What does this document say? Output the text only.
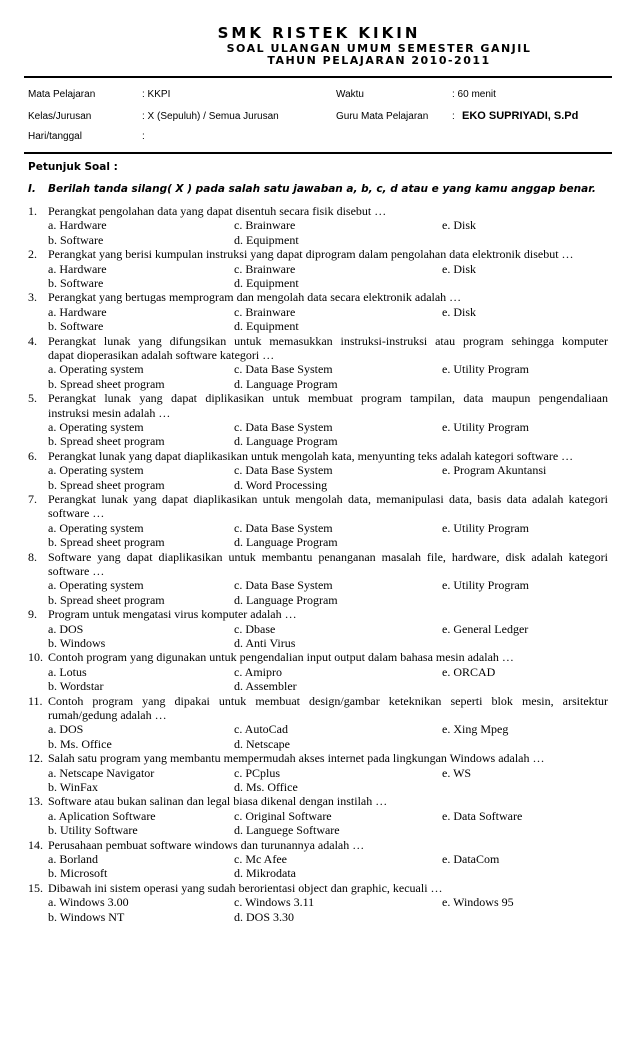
SMK RISTEK KIKIN
SOAL ULANGAN UMUM SEMESTER GANJIL
TAHUN PELAJARAN 2010-2011
Mata Pelajaran	: KKPI
Kelas/Jurusan	: X (Sepuluh) / Semua Jurusan
Hari/tanggal	:
Waktu	: 60 menit
Guru Mata Pelajaran : EKO SUPRIYADI, S.Pd
Petunjuk Soal :
I. Berilah tanda silang( X ) pada salah satu jawaban a, b, c, d atau e yang kamu anggap benar.
1. Perangkat pengolahan data yang dapat disentuh secara fisik disebut …
a. Hardware	c. Brainware	e. Disk
b. Software	d. Equipment
2. Perangkat yang berisi kumpulan instruksi yang dapat diprogram dalam pengolahan data elektronik disebut …
a. Hardware	c. Brainware	e. Disk
b. Software	d. Equipment
3. Perangkat yang bertugas memprogram dan mengolah data secara elektronik adalah …
a. Hardware	c. Brainware	e. Disk
b. Software	d. Equipment
4. Perangkat lunak yang difungsikan untuk memasukkan instruksi-instruksi atau program sehingga komputer
dapat dioperasikan adalah software kategori …
a. Operating system	c. Data Base System	e. Utility Program
b. Spread sheet program	d. Language Program
5. Perangkat lunak yang dapat diplikasikan untuk membuat program tampilan, data maupun pengendaliaan
instruksi mesin adalah …
a. Operating system	c. Data Base System	e. Utility Program
b. Spread sheet program	d. Language Program
6. Perangkat lunak yang dapat diaplikasikan untuk mengolah kata, menyunting teks adalah kategori software …
a. Operating system	c. Data Base System	e. Program Akuntansi
b. Spread sheet program	d. Word Processing
7. Perangkat lunak yang dapat diaplikasikan untuk mengolah data, memanipulasi data, basis data adalah kategori
software …
a. Operating system	c. Data Base System	e. Utility Program
b. Spread sheet program	d. Language Program
8. Software yang dapat diaplikasikan untuk membantu penanganan masalah file, hardware, disk adalah kategori
software …
a. Operating system	c. Data Base System	e. Utility Program
b. Spread sheet program	d. Language Program
9. Program untuk mengatasi virus komputer adalah …
a. DOS	c. Dbase	e. General Ledger
b. Windows	d. Anti Virus
10. Contoh program yang digunakan untuk pengendalian input output dalam bahasa mesin adalah …
a. Lotus	c. Amipro	e. ORCAD
b. Wordstar	d. Assembler
11. Contoh program yang dipakai untuk membuat design/gambar keteknikan seperti blok mesin, arsitektur
rumah/gedung adalah …
a. DOS	c. AutoCad	e. Xing Mpeg
b. Ms. Office	d. Netscape
12. Salah satu program yang membantu mempermudah akses internet pada lingkungan Windows adalah …
a. Netscape Navigator	c. PCplus	e. WS
b. WinFax	d. Ms. Office
13. Software atau bukan salinan dan legal biasa dikenal dengan instilah …
a. Aplication Software	c. Original Software	e. Data Software
b. Utility Software	d. Languege Software
14. Perusahaan pembuat software windows dan turunannya adalah …
a. Borland	c. Mc Afee	e. DataCom
b. Microsoft	d. Mikrodata
15. Dibawah ini sistem operasi yang sudah berorientasi object dan graphic, kecuali …
a. Windows 3.00	c. Windows 3.11	e. Windows 95
b. Windows NT	d. DOS 3.30
